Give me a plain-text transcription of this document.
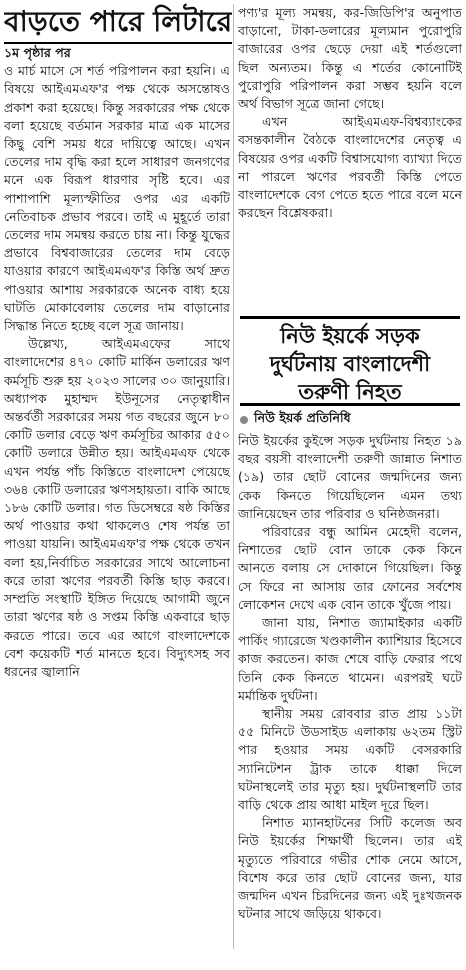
বাড়তে পারে লিটারে
১ম পৃষ্ঠার পর

ও মার্চ মাসে সে শর্ত পরিপালন করা হয়নি। এ বিষয়ে আইএমএফ'র পক্ষ থেকে অসন্তোষও প্রকাশ করা হয়েছে। কিন্তু সরকারের পক্ষ থেকে বলা হয়েছে বর্তমান সরকার মাত্র এক মাসের কিছু বেশি সময় ধরে দায়িত্বে আছে। এখন তেলের দাম বৃদ্ধি করা হলে সাধারণ জনগণের মনে এক বিরূপ ধারণার সৃষ্টি হবে। এর পাশাপাশি মূল্যস্ফীতির ওপর এর একটি নেতিবাচক প্রভাব পরবে। তাই এ মুহূর্তে তারা তেলের দাম সমন্বয় করতে চায় না। কিন্তু যুদ্ধের প্রভাবে বিশ্ববাজারের তেলের দাম বেড়ে যাওয়ার কারণে আইএমএফ'র কিস্তি অর্থ দ্রুত পাওয়ার আশায় সরকারকে অনেক বাধ্য হয়ে ঘাটতি মোকাবেলায় তেলের দাম বাড়ানোর সিদ্ধান্ত নিতে হচ্ছে বলে সূত্র জানায়।

উল্লেখ্য, আইএমএফের সাথে বাংলাদেশের ৪৭০ কোটি মার্কিন ডলারের ঋণ কর্মসূচি শুরু হয় ২০২৩ সালের ৩০ জানুয়ারি। অধ্যাপক মুহাম্মদ ইউনূসের নেতৃত্বাধীন অন্তর্বর্তী সরকারের সময় গত বছরের জুনে ৮০ কোটি ডলার বেড়ে ঋণ কর্মসূচির আকার ৫৫০ কোটি ডলারে উন্নীত হয়। আইএমএফ থেকে এখন পর্যন্ত পাঁচ কিস্তিতে বাংলাদেশ পেয়েছে ৩৬৪ কোটি ডলারের ঋণসহায়তা। বাকি আছে ১৮৬ কোটি ডলার। গত ডিসেম্বরে ষষ্ঠ কিস্তির অর্থ পাওয়ার কথা থাকলেও শেষ পর্যন্ত তা পাওয়া যায়নি। আইএমএফ'র পক্ষ থেকে তখন বলা হয়,নির্বাচিত সরকারের সাথে আলোচনা করে তারা ঋণের পরবর্তী কিস্তি ছাড় করবে। সম্প্রতি সংস্থাটি ইঙ্গিত দিয়েছে আগামী জুনে তারা ঋণের ষষ্ঠ ও সপ্তম কিস্তি একবারে ছাড় করতে পারে। তবে এর আগে বাংলাদেশকে বেশ কয়েকটি শর্ত মানতে হবে। বিদ্যুৎসহ সব ধরনের জ্বালানি

পণ্য'র মূল্য সমন্বয়, কর-জিডিপি'র অনুপাত বাড়ানো, টাকা-ডলারের মূল্যমান পুরোপুরি বাজারের ওপর ছেড়ে দেয়া এই শর্তগুলো ছিল অন্যতম। কিন্তু এ শর্তের কোনোটিই পুরোপুরি পরিপালন করা সম্ভব হয়নি বলে অর্থ বিভাগ সূত্রে জানা গেছে।

এখন আইএমএফ-বিশ্বব্যাংকের বসন্তকালীন বৈঠকে বাংলাদেশের নেতৃত্ব এ বিষয়ের ওপর একটি বিশ্বাসযোগ্য ব্যাখ্যা দিতে না পারলে ঋণের পরবর্তী কিস্তি পেতে বাংলাদেশকে বেগ পেতে হতে পারে বলে মনে করছেন বিশ্লেষকরা।

নিউ ইয়র্কে সড়ক
দুর্ঘটনায় বাংলাদেশী
তরুণী নিহত
নিউ ইয়র্ক প্রতিনিধি

নিউ ইয়র্কের কুইন্সে সড়ক দুর্ঘটনায় নিহত ১৯ বছর বয়সী বাংলাদেশী তরুণী জান্নাত নিশাত (১৯) তার ছোট বোনের জন্মদিনের জন্য কেক কিনতে গিয়েছিলেন এমন তথ্য জানিয়েছেন তার পরিবার ও ঘনিষ্ঠজনরা।

পরিবারের বন্ধু আমিন মেহেদী বলেন, নিশাতের ছোট বোন তাকে কেক কিনে আনতে বলায় সে দোকানে গিয়েছিল। কিন্তু সে ফিরে না আসায় তার ফোনের সর্বশেষ লোকেশন দেখে এক বোন তাকে খুঁজে পায়।

জানা যায়, নিশাত জ্যামাইকার একটি পার্কিং গ্যারেজে খণ্ডকালীন ক্যাশিয়ার হিসেবে কাজ করতেন। কাজ শেষে বাড়ি ফেরার পথে তিনি কেক কিনতে থামেন। এরপরই ঘটে মর্মান্তিক দুর্ঘটনা।

স্থানীয় সময় রোববার রাত প্রায় ১১টা ৫৫ মিনিটে উডসাইড এলাকায় ৬২তম স্ট্রিট পার হওয়ার সময় একটি বেসরকারি স্যানিটেশন ট্রাক তাকে ধাক্কা দিলে ঘটনাস্থলেই তার মৃত্যু হয়। দুর্ঘটনাস্থলটি তার বাড়ি থেকে প্রায় আধা মাইল দূরে ছিল।

নিশাত ম্যানহাটনের সিটি কলেজ অব নিউ ইয়র্কের শিক্ষার্থী ছিলেন। তার এই মৃত্যুতে পরিবারে গভীর শোক নেমে আসে, বিশেষ করে তার ছোট বোনের জন্য, যার জন্মদিন এখন চিরদিনের জন্য এই দুঃখজনক ঘটনার সাথে জড়িয়ে থাকবে।
